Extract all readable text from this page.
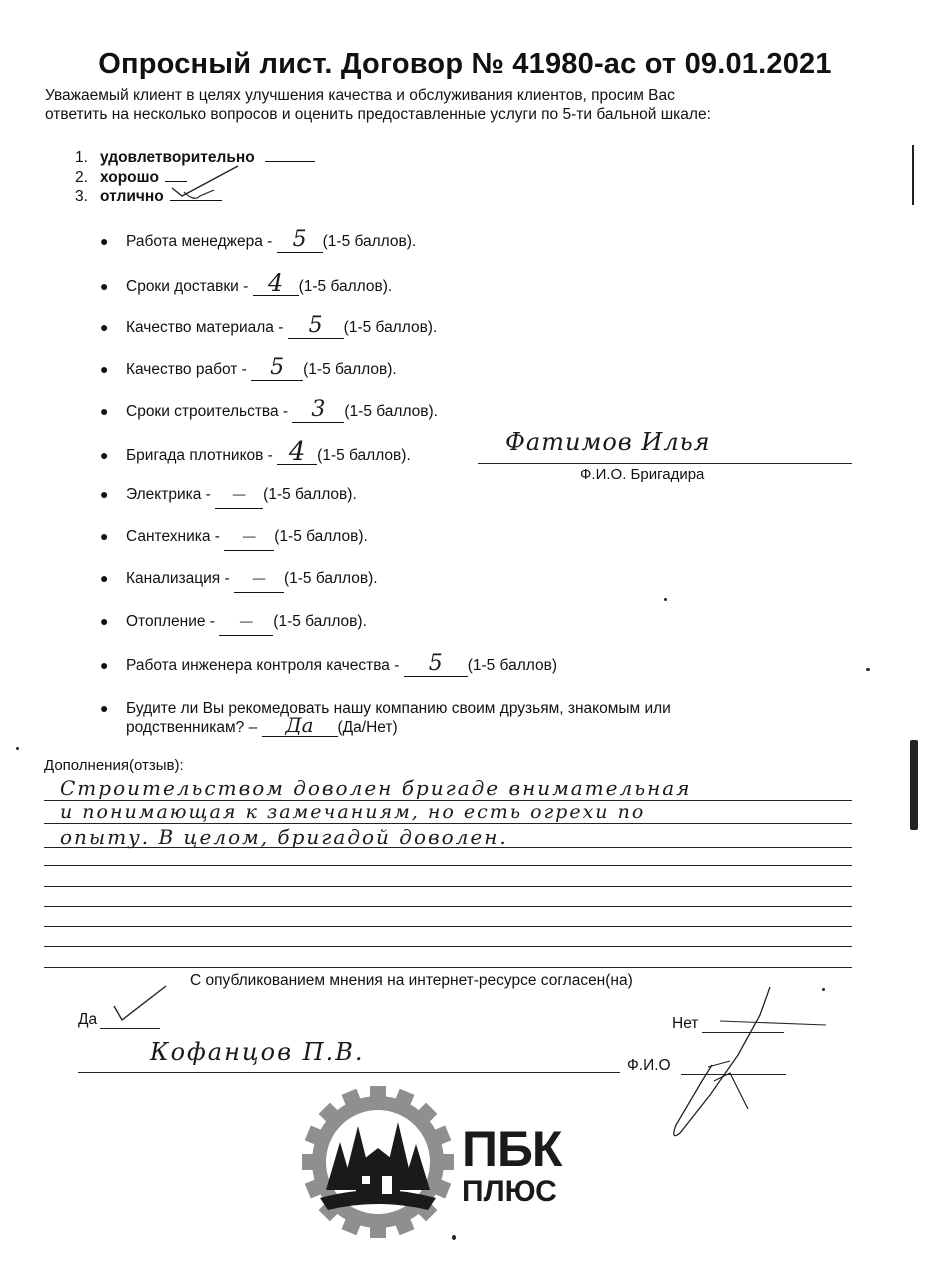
Опросный лист. Договор № 41980-ас от 09.01.2021
Уважаемый клиент в целях улучшения качества и обслуживания клиентов, просим Вас
ответить на несколько вопросов и оценить предоставленные услуги по 5-ти бальной шкале:
1. удовлетворительно
2. хорошо
3. отлично
● Работа менеджера - 5 (1-5 баллов).
● Сроки доставки - 4 (1-5 баллов).
● Качество материала - 5 (1-5 баллов).
● Качество работ - 5 (1-5 баллов).
● Сроки строительства - 3 (1-5 баллов).
● Бригада плотников - 4 (1-5 баллов).	Фатимов Илья
Ф.И.О. Бригадира
● Электрика - — (1-5 баллов).
● Сантехника - — (1-5 баллов).
● Канализация - — (1-5 баллов).
● Отопление - — (1-5 баллов).
● Работа инженера контроля качества - 5 (1-5 баллов)
● Будите ли Вы рекомедовать нашу компанию своим друзьям, знакомым или
родственникам? – Да (Да/Нет)
Дополнения(отзыв):
Строительством доволен бригаде внимательная
и понимающая к замечаниям, но есть огрехи по
опыту. В целом, бригадой доволен.
С опубликованием мнения на интернет-ресурсе согласен(на)
Да	Нет
Кофанцов П.В.	Ф.И.О
ПБК
ПЛЮС
